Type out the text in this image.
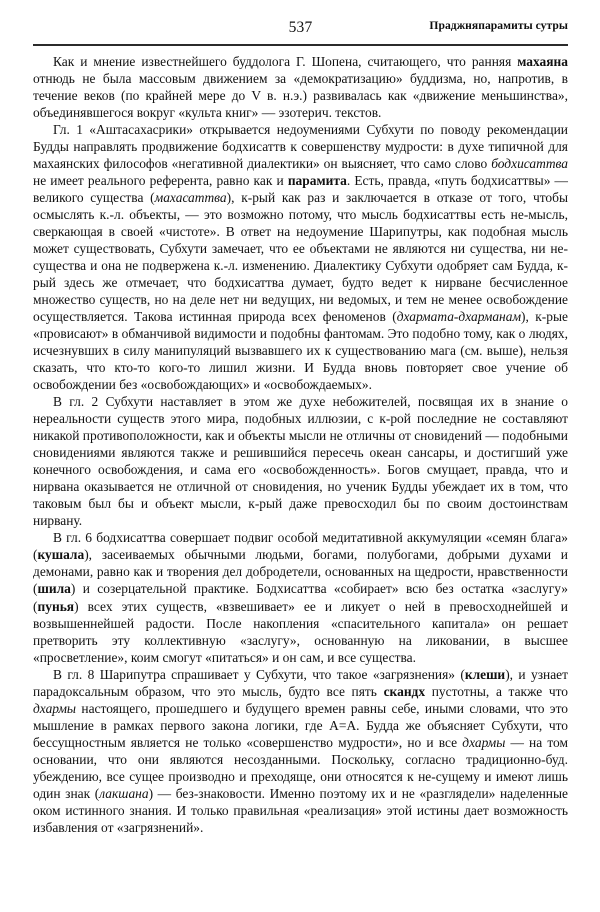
537	Праджняпарамиты сутры

Как и мнение известнейшего буддолога Г. Шопена, считающего, что ранняя махаяна отнюдь не была массовым движением за «демократизацию» буддизма, но, напротив, в течение веков (по крайней мере до V в. н.э.) развивалась как «движение меньшинства», объединявшегося вокруг «культа книг» — эзотерич. текстов.

Гл. 1 «Аштасахасрики» открывается недоумениями Субхути по поводу рекомендации Будды направлять продвижение бодхисаттв к совершенству мудрости: в духе типичной для махаянских философов «негативной диалектики» он выясняет, что само слово бодхисаттва не имеет реального референта, равно как и парамита. Есть, правда, «путь бодхисаттвы» — великого существа (махасаттва), к-рый как раз и заключается в отказе от того, чтобы осмыслять к.-л. объекты, — это возможно потому, что мысль бодхисаттвы есть не-мысль, сверкающая в своей «чистоте». В ответ на недоумение Шарипутры, как подобная мысль может существовать, Субхути замечает, что ее объектами не являются ни существа, ни не-существа и она не подвержена к.-л. изменению. Диалектику Субхути одобряет сам Будда, к-рый здесь же отмечает, что бодхисаттва думает, будто ведет к нирване бесчисленное множество существ, но на деле нет ни ведущих, ни ведомых, и тем не менее освобождение осуществляется. Такова истинная природа всех феноменов (дхармата-дхарманам), к-рые «провисают» в обманчивой видимости и подобны фантомам. Это подобно тому, как о людях, исчезнувших в силу манипуляций вызвавшего их к существованию мага (см. выше), нельзя сказать, что кто-то кого-то лишил жизни. И Будда вновь повторяет свое учение об освобождении без «освобождающих» и «освобождаемых».

В гл. 2 Субхути наставляет в этом же духе небожителей, посвящая их в знание о нереальности существ этого мира, подобных иллюзии, с к-рой последние не составляют никакой противоположности, как и объекты мысли не отличны от сновидений — подобными сновидениями являются также и решившийся пересечь океан сансары, и достигший уже конечного освобождения, и сама его «освобожденность». Богов смущает, правда, что и нирвана оказывается не отличной от сновидения, но ученик Будды убеждает их в том, что таковым был бы и объект мысли, к-рый даже превосходил бы по своим достоинствам нирвану.

В гл. 6 бодхисаттва совершает подвиг особой медитативной аккумуляции «семян блага» (кушала), засеиваемых обычными людьми, богами, полубогами, добрыми духами и демонами, равно как и творения дел добродетели, основанных на щедрости, нравственности (шила) и созерцательной практике. Бодхисаттва «собирает» всю без остатка «заслугу» (пунья) всех этих существ, «взвешивает» ее и ликует о ней в превосходнейшей и возвышеннейшей радости. После накопления «спасительного капитала» он решает претворить эту коллективную «заслугу», основанную на ликовании, в высшее «просветление», коим смогут «питаться» и он сам, и все существа.

В гл. 8 Шарипутра спрашивает у Субхути, что такое «загрязнения» (клеши), и узнает парадоксальным образом, что это мысль, будто все пять скандх пустотны, а также что дхармы настоящего, прошедшего и будущего времен равны себе, иными словами, что это мышление в рамках первого закона логики, где А=А. Будда же объясняет Субхути, что бессущностным является не только «совершенство мудрости», но и все дхармы — на том основании, что они являются несозданными. Поскольку, согласно традиционно-буд. убеждению, все сущее производно и преходяще, они относятся к не-сущему и имеют лишь один знак (лакшана) — без-знаковости. Именно поэтому их и не «разглядели» наделенные оком истинного знания. И только правильная «реализация» этой истины дает возможность избавления от «загрязнений».
